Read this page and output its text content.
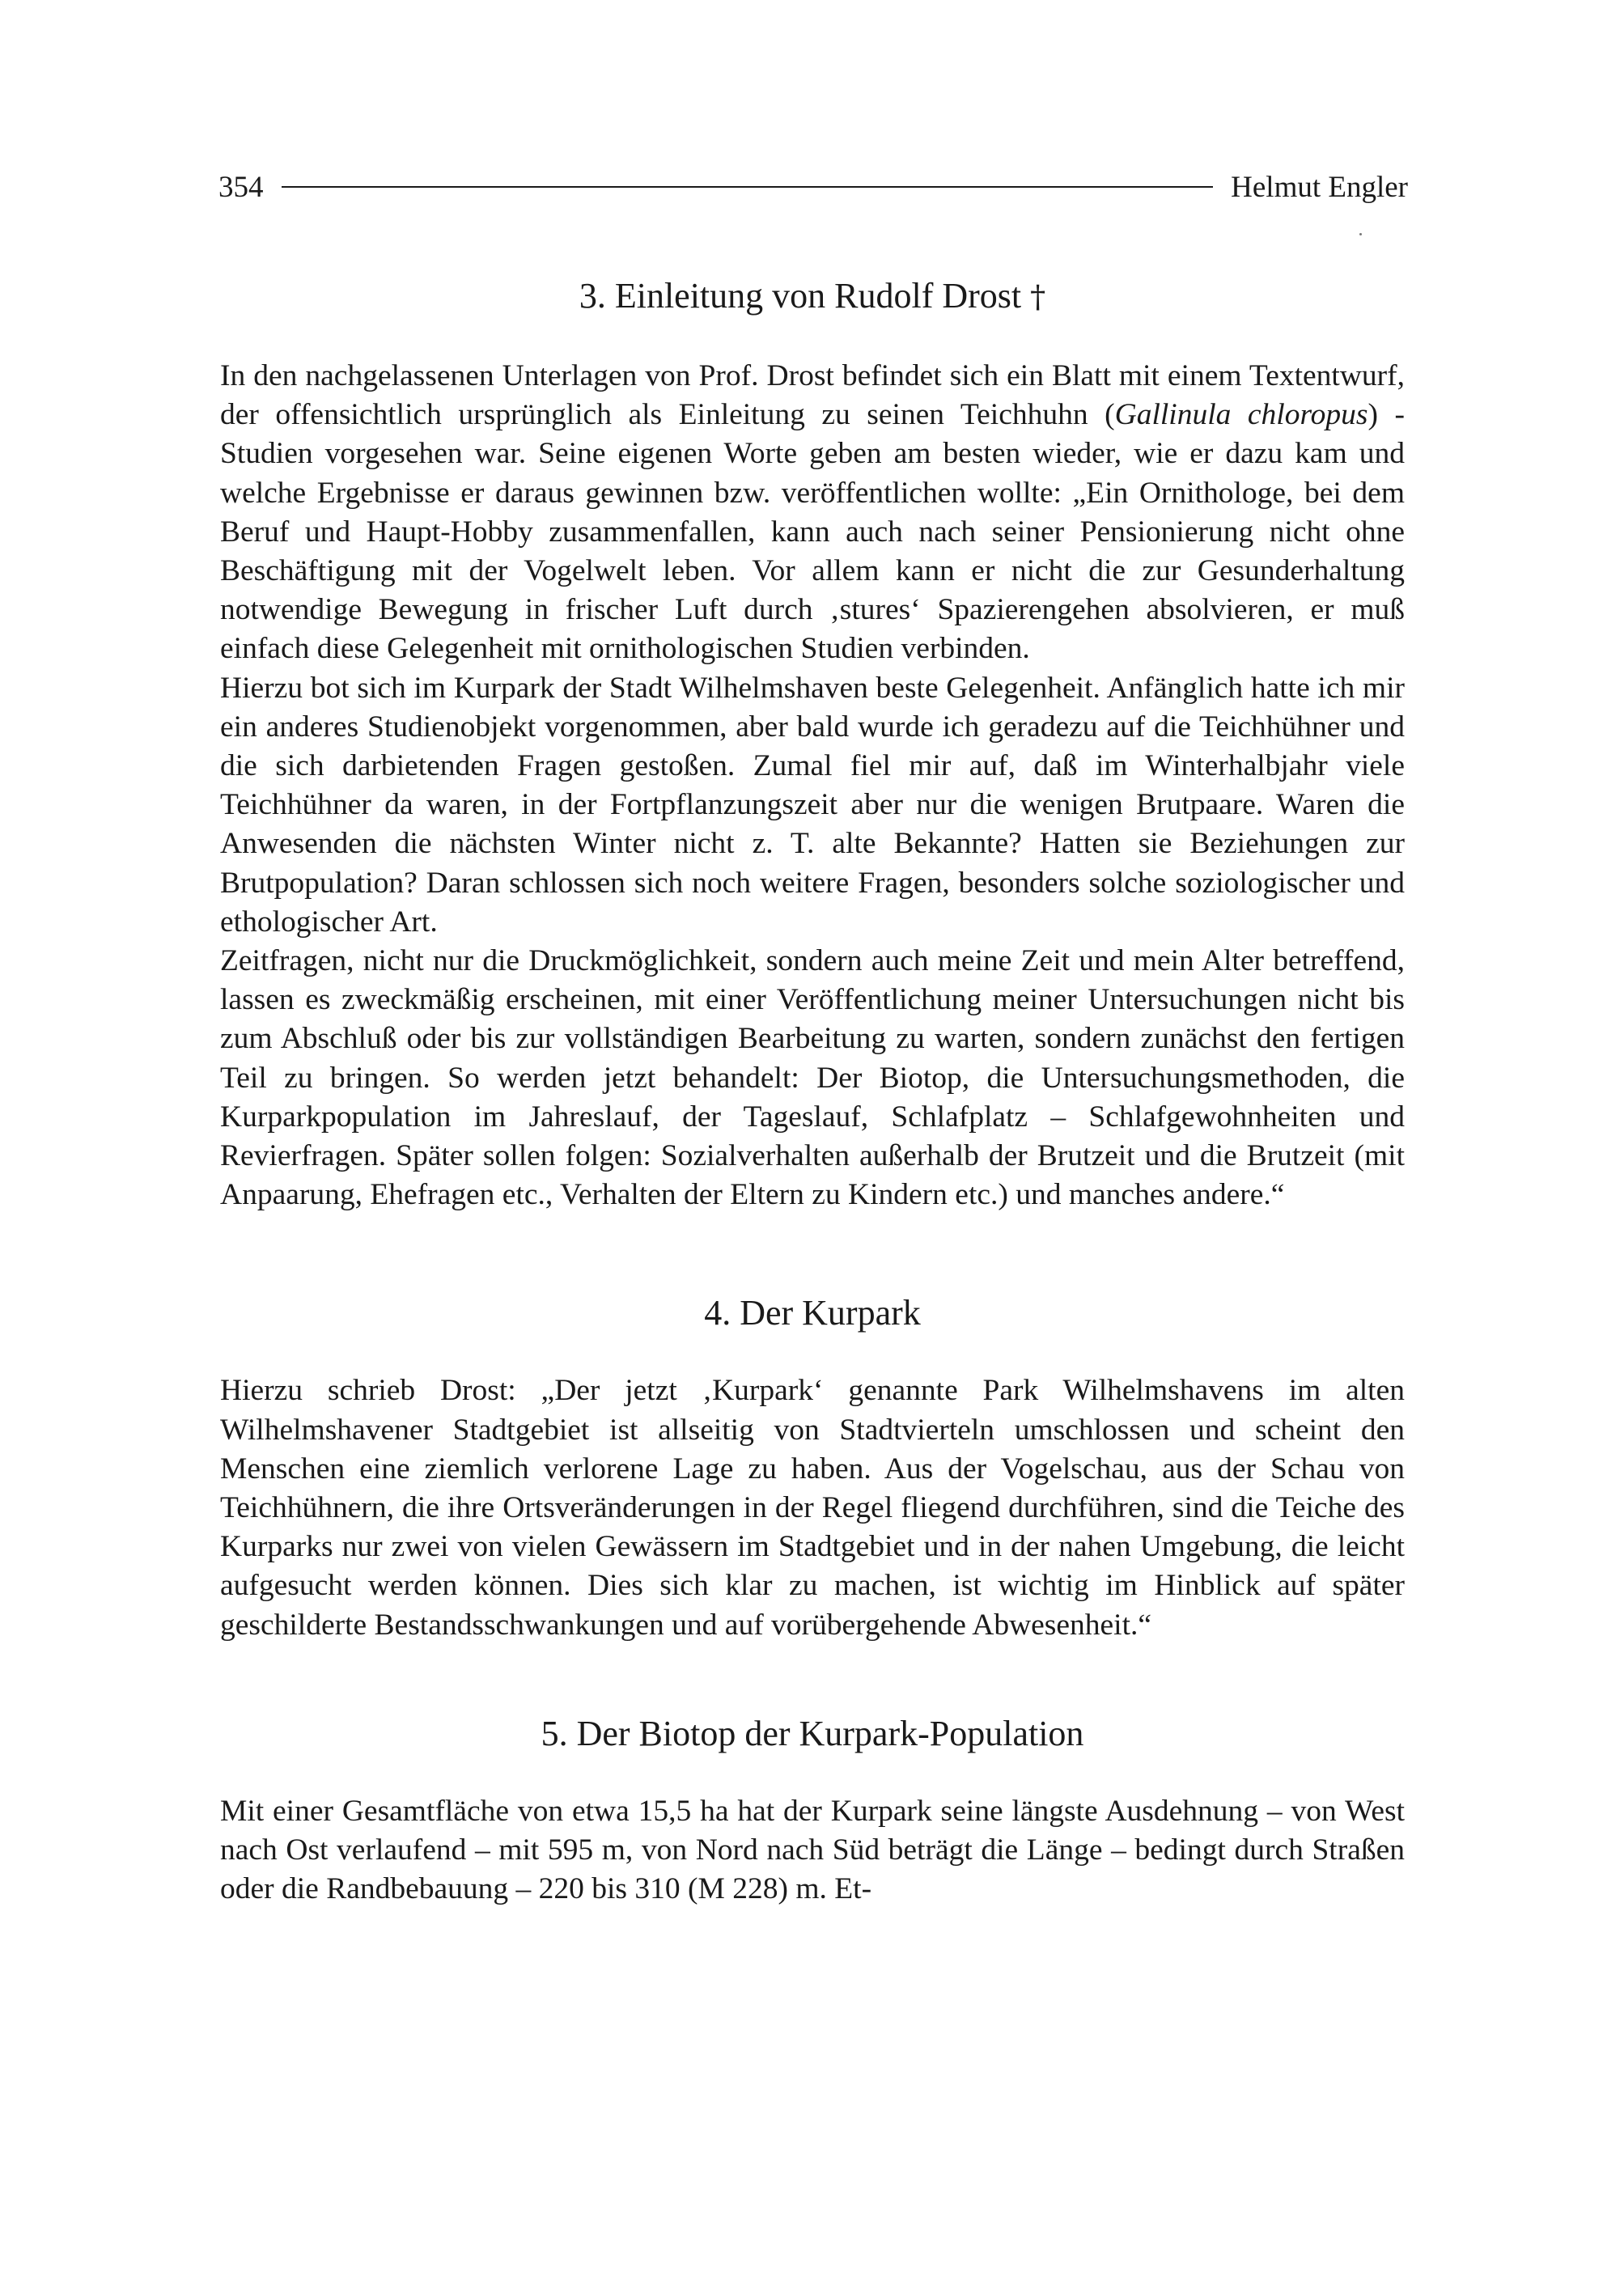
354	Helmut Engler
3. Einleitung von Rudolf Drost †

In den nachgelassenen Unterlagen von Prof. Drost befindet sich ein Blatt mit einem Textentwurf, der offensichtlich ursprünglich als Einleitung zu seinen Teichhuhn (Gallinula chloropus) -Studien vorgesehen war. Seine eigenen Worte geben am besten wieder, wie er dazu kam und welche Ergebnisse er daraus gewinnen bzw. veröffentlichen wollte: „Ein Ornithologe, bei dem Beruf und Haupt-Hobby zusammenfallen, kann auch nach seiner Pensionierung nicht ohne Beschäftigung mit der Vogelwelt leben. Vor allem kann er nicht die zur Gesunderhaltung notwendige Bewegung in frischer Luft durch ‚stures‘ Spazierengehen absolvieren, er muß einfach diese Gelegenheit mit ornithologischen Studien verbinden.

Hierzu bot sich im Kurpark der Stadt Wilhelmshaven beste Gelegenheit. Anfänglich hatte ich mir ein anderes Studienobjekt vorgenommen, aber bald wurde ich geradezu auf die Teichhühner und die sich darbietenden Fragen gestoßen. Zumal fiel mir auf, daß im Winterhalbjahr viele Teichhühner da waren, in der Fortpflanzungszeit aber nur die wenigen Brutpaare. Waren die Anwesenden die nächsten Winter nicht z. T. alte Bekannte? Hatten sie Beziehungen zur Brutpopulation? Daran schlossen sich noch weitere Fragen, besonders solche soziologischer und ethologischer Art.

Zeitfragen, nicht nur die Druckmöglichkeit, sondern auch meine Zeit und mein Alter betreffend, lassen es zweckmäßig erscheinen, mit einer Veröffentlichung meiner Untersuchungen nicht bis zum Abschluß oder bis zur vollständigen Bearbeitung zu warten, sondern zunächst den fertigen Teil zu bringen. So werden jetzt behandelt: Der Biotop, die Untersuchungsmethoden, die Kurparkpopulation im Jahreslauf, der Tageslauf, Schlafplatz – Schlafgewohnheiten und Revierfragen. Später sollen folgen: Sozialverhalten außerhalb der Brutzeit und die Brutzeit (mit Anpaarung, Ehefragen etc., Verhalten der Eltern zu Kindern etc.) und manches andere.“

4. Der Kurpark

Hierzu schrieb Drost: „Der jetzt ‚Kurpark‘ genannte Park Wilhelmshavens im alten Wilhelmshavener Stadtgebiet ist allseitig von Stadtvierteln umschlossen und scheint den Menschen eine ziemlich verlorene Lage zu haben. Aus der Vogelschau, aus der Schau von Teichhühnern, die ihre Ortsveränderungen in der Regel fliegend durchführen, sind die Teiche des Kurparks nur zwei von vielen Gewässern im Stadtgebiet und in der nahen Umgebung, die leicht aufgesucht werden können. Dies sich klar zu machen, ist wichtig im Hinblick auf später geschilderte Bestandsschwankungen und auf vorübergehende Abwesenheit.“

5. Der Biotop der Kurpark-Population

Mit einer Gesamtfläche von etwa 15,5 ha hat der Kurpark seine längste Ausdehnung – von West nach Ost verlaufend – mit 595 m, von Nord nach Süd beträgt die Länge – bedingt durch Straßen oder die Randbebauung – 220 bis 310 (M 228) m. Et-
